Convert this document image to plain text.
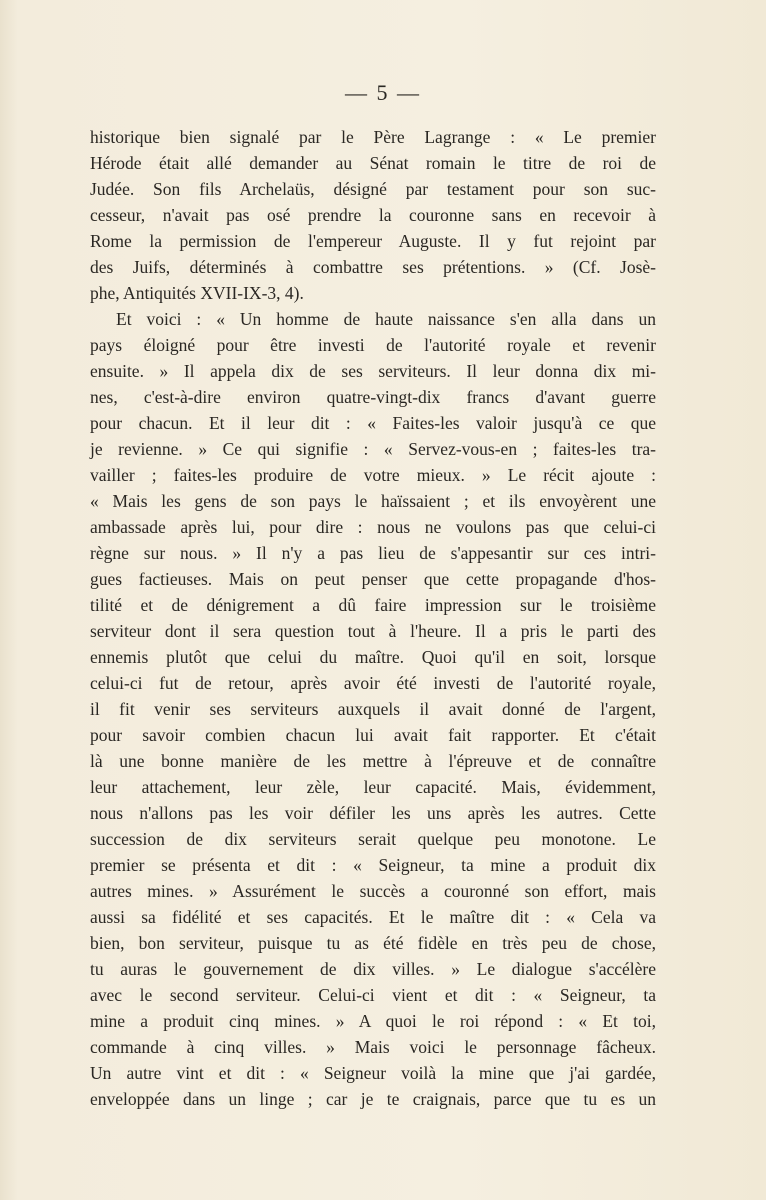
— 5 —
historique bien signalé par le Père Lagrange : « Le premier
Hérode était allé demander au Sénat romain le titre de roi de
Judée. Son fils Archelaüs, désigné par testament pour son suc-
cesseur, n'avait pas osé prendre la couronne sans en recevoir à
Rome la permission de l'empereur Auguste. Il y fut rejoint par
des Juifs, déterminés à combattre ses prétentions. » (Cf. Josè-
phe, Antiquités XVII-IX-3, 4).
Et voici : « Un homme de haute naissance s'en alla dans un
pays éloigné pour être investi de l'autorité royale et revenir
ensuite. » Il appela dix de ses serviteurs. Il leur donna dix mi-
nes, c'est-à-dire environ quatre-vingt-dix francs d'avant guerre
pour chacun. Et il leur dit : « Faites-les valoir jusqu'à ce que
je revienne. » Ce qui signifie : « Servez-vous-en ; faites-les tra-
vailler ; faites-les produire de votre mieux. » Le récit ajoute :
« Mais les gens de son pays le haïssaient ; et ils envoyèrent une
ambassade après lui, pour dire : nous ne voulons pas que celui-ci
règne sur nous. » Il n'y a pas lieu de s'appesantir sur ces intri-
gues factieuses. Mais on peut penser que cette propagande d'hos-
tilité et de dénigrement a dû faire impression sur le troisième
serviteur dont il sera question tout à l'heure. Il a pris le parti des
ennemis plutôt que celui du maître. Quoi qu'il en soit, lorsque
celui-ci fut de retour, après avoir été investi de l'autorité royale,
il fit venir ses serviteurs auxquels il avait donné de l'argent,
pour savoir combien chacun lui avait fait rapporter. Et c'était
là une bonne manière de les mettre à l'épreuve et de connaître
leur attachement, leur zèle, leur capacité. Mais, évidemment,
nous n'allons pas les voir défiler les uns après les autres. Cette
succession de dix serviteurs serait quelque peu monotone. Le
premier se présenta et dit : « Seigneur, ta mine a produit dix
autres mines. » Assurément le succès a couronné son effort, mais
aussi sa fidélité et ses capacités. Et le maître dit : « Cela va
bien, bon serviteur, puisque tu as été fidèle en très peu de chose,
tu auras le gouvernement de dix villes. » Le dialogue s'accélère
avec le second serviteur. Celui-ci vient et dit : « Seigneur, ta
mine a produit cinq mines. » A quoi le roi répond : « Et toi,
commande à cinq villes. » Mais voici le personnage fâcheux.
Un autre vint et dit : « Seigneur voilà la mine que j'ai gardée,
enveloppée dans un linge ; car je te craignais, parce que tu es un
